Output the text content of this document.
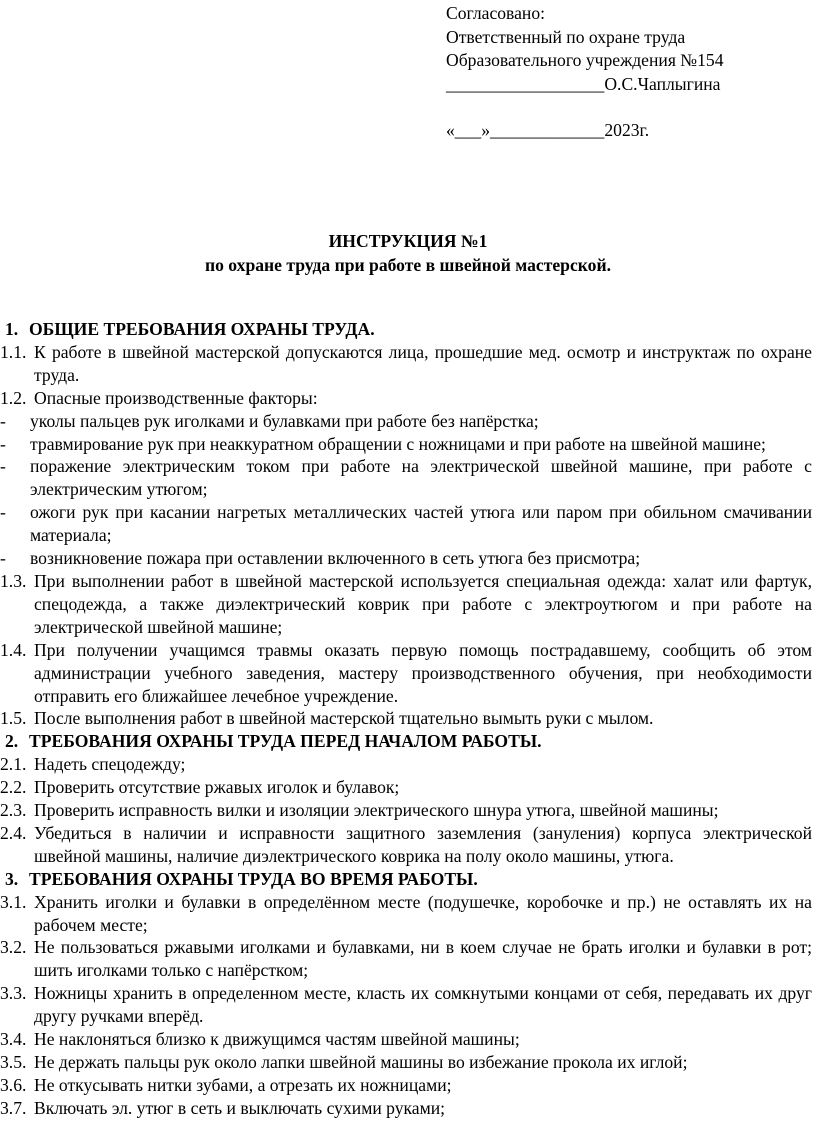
Согласовано:
Ответственный по охране труда
Образовательного учреждения №154
__________________О.С.Чаплыгина
«___»_____________2023г.
ИНСТРУКЦИЯ №1
по охране труда при работе в швейной мастерской.
1. ОБЩИЕ ТРЕБОВАНИЯ ОХРАНЫ ТРУДА.
1.1. К работе в швейной мастерской допускаются лица, прошедшие мед. осмотр и инструктаж по охране труда.
1.2. Опасные производственные факторы:
- уколы пальцев рук иголками и булавками при работе без напёрстка;
- травмирование рук при неаккуратном обращении с ножницами и при работе на швейной машине;
- поражение электрическим током при работе на электрической швейной машине, при работе с электрическим утюгом;
- ожоги рук при касании нагретых металлических частей утюга или паром при обильном смачивании материала;
- возникновение пожара при оставлении включенного в сеть утюга без присмотра;
1.3. При выполнении работ в швейной мастерской используется специальная одежда: халат или фартук, спецодежда, а также диэлектрический коврик при работе с электроутюгом и при работе на электрической швейной машине;
1.4. При получении учащимся травмы оказать первую помощь пострадавшему, сообщить об этом администрации учебного заведения, мастеру производственного обучения, при необходимости отправить его ближайшее лечебное учреждение.
1.5. После выполнения работ в швейной мастерской тщательно вымыть руки с мылом.
2. ТРЕБОВАНИЯ ОХРАНЫ ТРУДА ПЕРЕД НАЧАЛОМ РАБОТЫ.
2.1. Надеть спецодежду;
2.2. Проверить отсутствие ржавых иголок и булавок;
2.3. Проверить исправность вилки и изоляции электрического шнура утюга, швейной машины;
2.4. Убедиться в наличии и исправности защитного заземления (зануления) корпуса электрической швейной машины, наличие диэлектрического коврика на полу около машины, утюга.
3. ТРЕБОВАНИЯ ОХРАНЫ ТРУДА ВО ВРЕМЯ РАБОТЫ.
3.1. Хранить иголки и булавки в определённом месте (подушечке, коробочке и пр.) не оставлять их на рабочем месте;
3.2. Не пользоваться ржавыми иголками и булавками, ни в коем случае не брать иголки и булавки в рот; шить иголками только с напёрстком;
3.3. Ножницы хранить в определенном месте, класть их сомкнутыми концами от себя, передавать их друг другу ручками вперёд.
3.4. Не наклоняться близко к движущимся частям швейной машины;
3.5. Не держать пальцы рук около лапки швейной машины во избежание прокола их иглой;
3.6. Не откусывать нитки зубами, а отрезать их ножницами;
3.7. Включать эл. утюг в сеть и выключать сухими руками;
